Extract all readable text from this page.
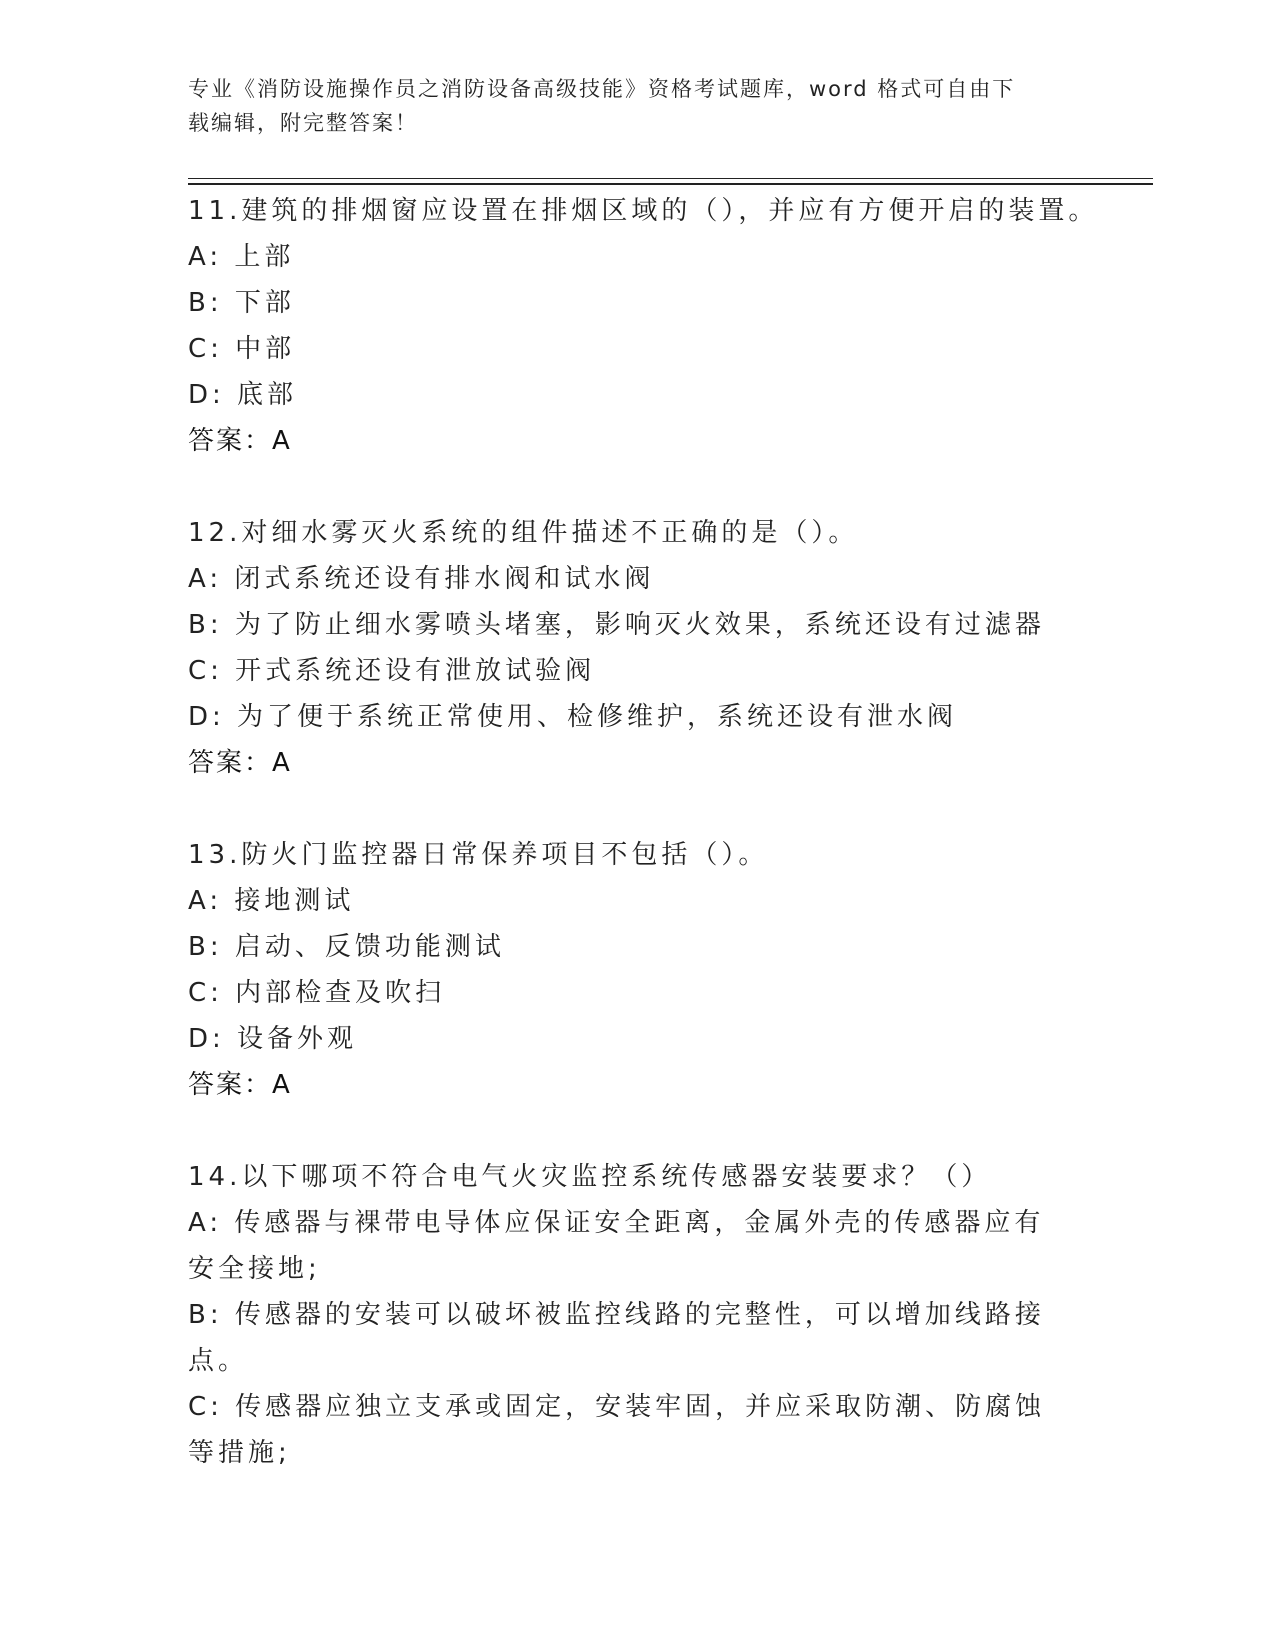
专业《消防设施操作员之消防设备高级技能》资格考试题库，word 格式可自由下
载编辑，附完整答案！
11.建筑的排烟窗应设置在排烟区域的（），并应有方便开启的装置。
A: 上部
B: 下部
C: 中部
D: 底部
答案：A
12.对细水雾灭火系统的组件描述不正确的是（）。
A: 闭式系统还设有排水阀和试水阀
B: 为了防止细水雾喷头堵塞，影响灭火效果，系统还设有过滤器
C: 开式系统还设有泄放试验阀
D: 为了便于系统正常使用、检修维护，系统还设有泄水阀
答案：A
13.防火门监控器日常保养项目不包括（）。
A: 接地测试
B: 启动、反馈功能测试
C: 内部检查及吹扫
D: 设备外观
答案：A
14.以下哪项不符合电气火灾监控系统传感器安装要求？（）
A: 传感器与裸带电导体应保证安全距离，金属外壳的传感器应有安全接地;
B: 传感器的安装可以破坏被监控线路的完整性，可以增加线路接点。
C: 传感器应独立支承或固定，安装牢固，并应采取防潮、防腐蚀等措施;
